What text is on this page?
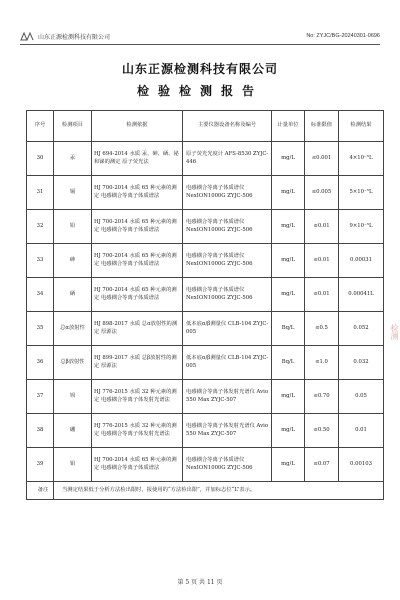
山东正源检测科技有限公司	No: ZYJC/BG-20240301-0696
山东正源检测科技有限公司
检验检测报告
序号	检测项目	检测依据	主要仪器设备名称及编号	计量单位	标准限值	检测结果
30	汞	HJ 694-2014 水质 汞、砷、硒、铋和锑的测定 原子荧光法	原子荧光光度计 AFS-8530 ZYJC-446	mg/L	≤0.001	4×10⁻⁵L
31	镉	HJ 700-2014 水质 65 种元素的测定 电感耦合等离子体质谱法	电感耦合等离子体质谱仪 NexION1000G ZYJC-506	mg/L	≤0.005	5×10⁻⁵L
32	铅	HJ 700-2014 水质 65 种元素的测定 电感耦合等离子体质谱法	电感耦合等离子体质谱仪 NexION1000G ZYJC-506	mg/L	≤0.01	9×10⁻⁵L
33	砷	HJ 700-2014 水质 65 种元素的测定 电感耦合等离子体质谱法	电感耦合等离子体质谱仪 NexION1000G ZYJC-506	mg/L	≤0.01	0.00031
34	硒	HJ 700-2014 水质 65 种元素的测定 电感耦合等离子体质谱法	电感耦合等离子体质谱仪 NexION1000G ZYJC-506	mg/L	≤0.01	0.00041L
35	总α放射性	HJ 898-2017 水质 总α放射性的测定 厚源法	低本底α/β测量仪 CLB-104 ZYJC-005	Bq/L	≤0.5	0.052
36	总β放射性	HJ 899-2017 水质 总β放射性的测定 厚源法	低本底α/β测量仪 CLB-104 ZYJC-005	Bq/L	≤1.0	0.032
37	钡	HJ 776-2015 水质 32 种元素的测定 电感耦合等离子体发射光谱法	电感耦合等离子体发射光谱仪 Avio 550 Max ZYJC-507	mg/L	≤0.70	0.05
38	硼	HJ 776-2015 水质 32 种元素的测定 电感耦合等离子体发射光谱法	电感耦合等离子体发射光谱仪 Avio 550 Max ZYJC-507	mg/L	≤0.50	0.01
39	钼	HJ 700-2014 水质 65 种元素的测定 电感耦合等离子体质谱法	电感耦合等离子体质谱仪 NexION1000G ZYJC-506	mg/L	≤0.07	0.00103
备注	当测定结果低于分析方法检出限时，报使用的“方法检出限”，并加标志位“L”表示。					
检测
第 5 页 共 11 页
